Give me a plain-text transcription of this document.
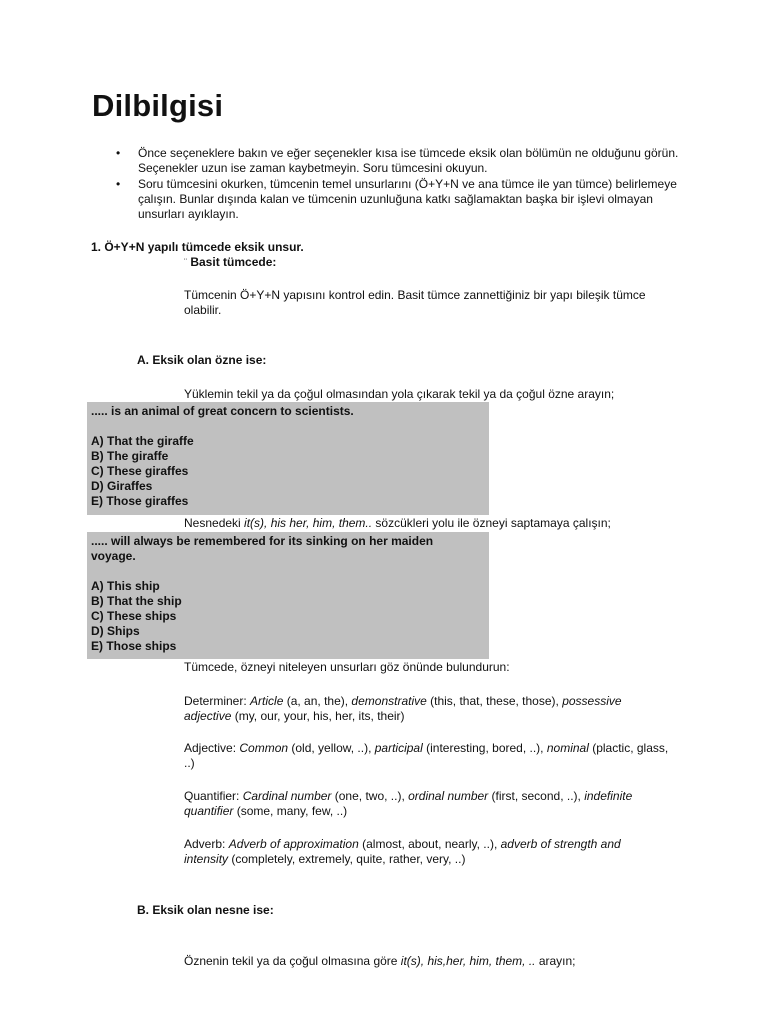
Dilbilgisi
• Önce seçeneklere bakın ve eğer seçenekler kısa ise tümcede eksik olan bölümün ne olduğunu görün. Seçenekler uzun ise zaman kaybetmeyin. Soru tümcesini okuyun.
• Soru tümcesini okurken, tümcenin temel unsurlarını (Ö+Y+N ve ana tümce ile yan tümce) belirlemeye çalışın. Bunlar dışında kalan ve tümcenin uzunluğuna katkı sağlamaktan başka bir işlevi olmayan unsurları ayıklayın.
1. Ö+Y+N yapılı tümcede eksik unsur.
¨ Basit tümcede:
Tümcenin Ö+Y+N yapısını kontrol edin. Basit tümce zannettiğiniz bir yapı bileşik tümce olabilir.
A. Eksik olan özne ise:
Yüklemin tekil ya da çoğul olmasından yola çıkarak tekil ya da çoğul özne arayın;
..... is an animal of great concern to scientists.
A) That the giraffe
B) The giraffe
C) These giraffes
D) Giraffes
E) Those giraffes
Nesnedeki it(s), his her, him, them.. sözcükleri yolu ile özneyi saptamaya çalışın;
..... will always be remembered for its sinking on her maiden voyage.
A) This ship
B) That the ship
C) These ships
D) Ships
E) Those ships
Tümcede, özneyi niteleyen unsurları göz önünde bulundurun:
Determiner: Article (a, an, the), demonstrative (this, that, these, those), possessive adjective (my, our, your, his, her, its, their)
Adjective: Common (old, yellow, ..), participal (interesting, bored, ..), nominal (plactic, glass, ..)
Quantifier: Cardinal number (one, two, ..), ordinal number (first, second, ..), indefinite quantifier (some, many, few, ..)
Adverb: Adverb of approximation (almost, about, nearly, ..), adverb of strength and intensity (completely, extremely, quite, rather, very, ..)
B. Eksik olan nesne ise:
Öznenin tekil ya da çoğul olmasına göre it(s), his,her, him, them, .. arayın;
